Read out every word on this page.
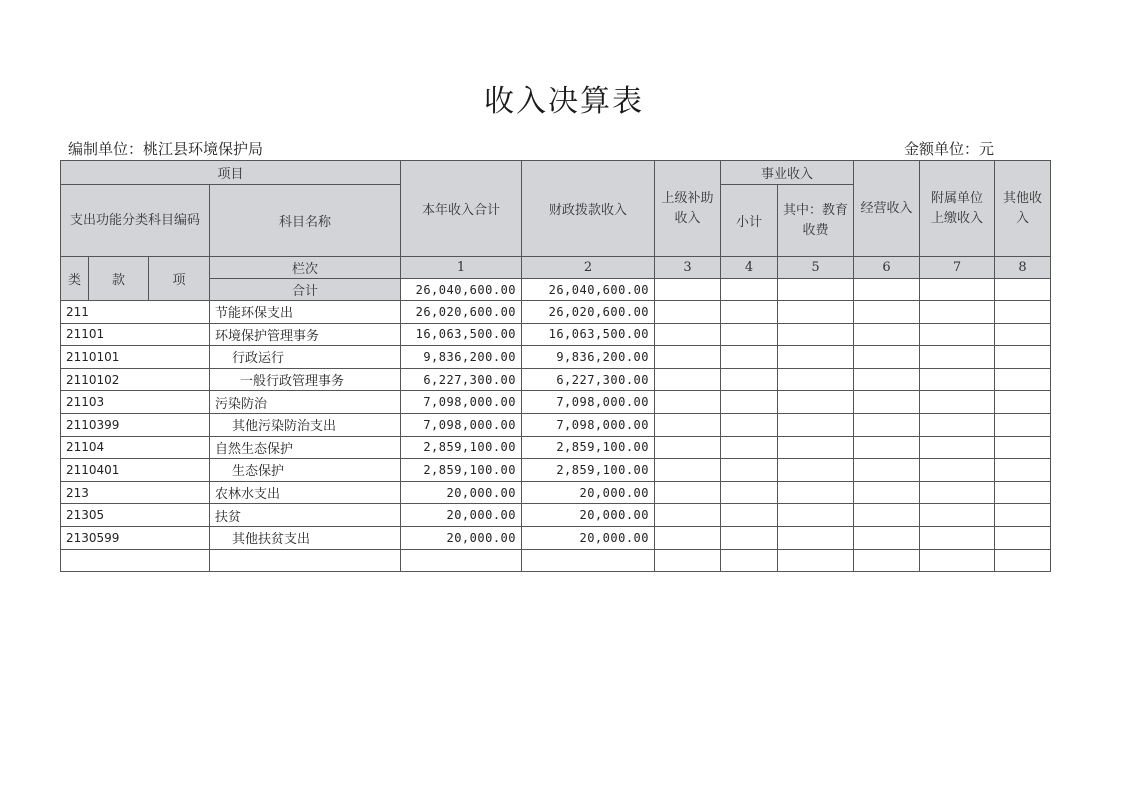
收入决算表
编制单位：桃江县环境保护局	金额单位：元
项目				本年收入合计	财政拨款收入	上级补助收入	事业收入		经营收入	附属单位上缴收入	其他收入
支出功能分类科目编码			科目名称				小计	其中：教育收费			
类	款	项	栏次	1	2	3	4	5	6	7	8
			合计	26,040,600.00	26,040,600.00						
211			节能环保支出	26,020,600.00	26,020,600.00						
21101			环境保护管理事务	16,063,500.00	16,063,500.00						
2110101			行政运行	9,836,200.00	9,836,200.00						
2110102			一般行政管理事务	6,227,300.00	6,227,300.00						
21103			污染防治	7,098,000.00	7,098,000.00						
2110399			其他污染防治支出	7,098,000.00	7,098,000.00						
21104			自然生态保护	2,859,100.00	2,859,100.00						
2110401			生态保护	2,859,100.00	2,859,100.00						
213			农林水支出	20,000.00	20,000.00						
21305			扶贫	20,000.00	20,000.00						
2130599			其他扶贫支出	20,000.00	20,000.00						
